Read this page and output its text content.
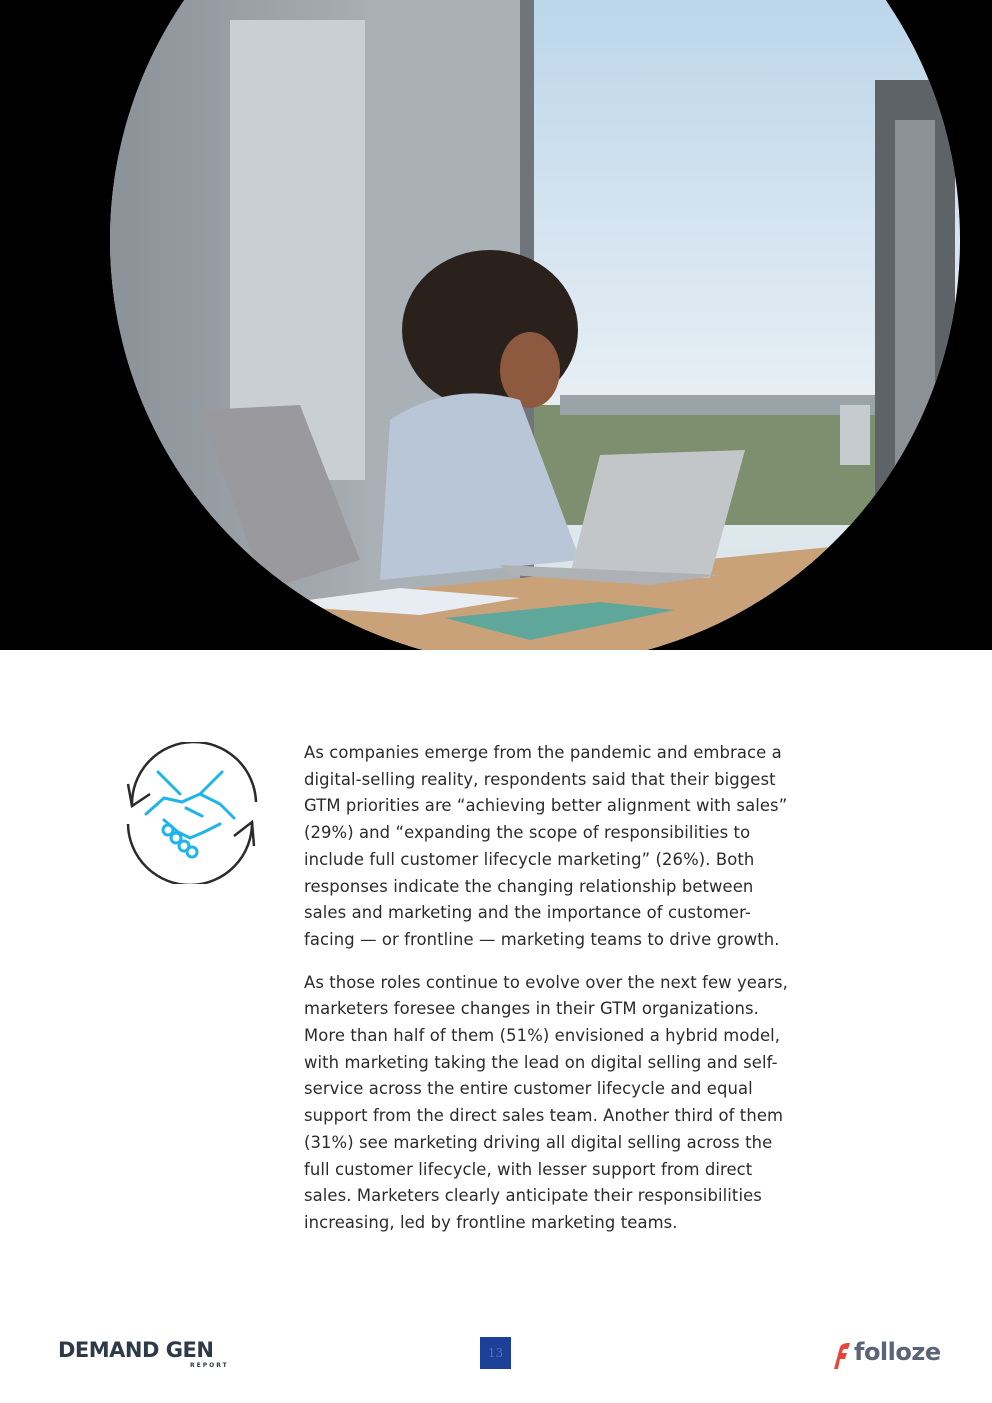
As companies emerge from the pandemic and embrace a digital-selling reality, respondents said that their biggest GTM priorities are “achieving better alignment with sales” (29%) and “expanding the scope of responsibilities to include full customer lifecycle marketing” (26%). Both responses indicate the changing relationship between sales and marketing and the importance of customer-facing — or frontline — marketing teams to drive growth.

As those roles continue to evolve over the next few years, marketers foresee changes in their GTM organizations. More than half of them (51%) envisioned a hybrid model, with marketing taking the lead on digital selling and self-service across the entire customer lifecycle and equal support from the direct sales team. Another third of them (31%) see marketing driving all digital selling across the full customer lifecycle, with lesser support from direct sales. Marketers clearly anticipate their responsibilities increasing, led by frontline marketing teams.

DEMAND GEN
REPORT
13	folloze
